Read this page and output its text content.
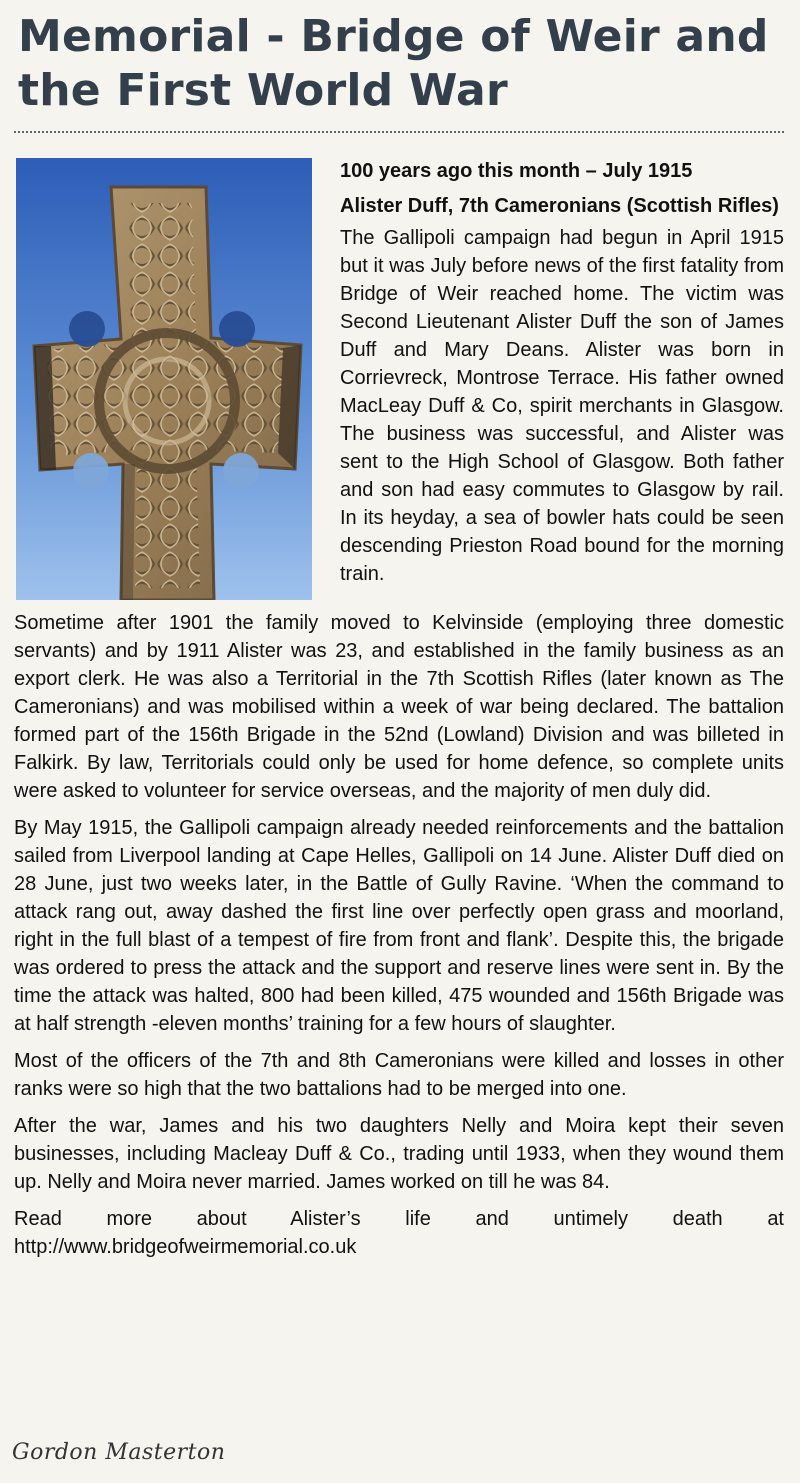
Memorial - Bridge of Weir and
the First World War
100 years ago this month – July 1915
Alister Duff, 7th Cameronians (Scottish Rifles)

The Gallipoli campaign had begun in April 1915 but it was July before news of the first fatality from Bridge of Weir reached home. The victim was Second Lieutenant Alister Duff the son of James Duff and Mary Deans. Alister was born in Corrievreck, Montrose Terrace. His father owned MacLeay Duff & Co, spirit merchants in Glasgow. The business was successful, and Alister was sent to the High School of Glasgow. Both father and son had easy commutes to Glasgow by rail. In its heyday, a sea of bowler hats could be seen descending Prieston Road bound for the morning train.

Sometime after 1901 the family moved to Kelvinside (employing three domestic servants) and by 1911 Alister was 23, and established in the family business as an export clerk. He was also a Territorial in the 7th Scottish Rifles (later known as The Cameronians) and was mobilised within a week of war being declared. The battalion formed part of the 156th Brigade in the 52nd (Lowland) Division and was billeted in Falkirk. By law, Territorials could only be used for home defence, so complete units were asked to volunteer for service overseas, and the majority of men duly did.

By May 1915, the Gallipoli campaign already needed reinforcements and the battalion sailed from Liverpool landing at Cape Helles, Gallipoli on 14 June. Alister Duff died on 28 June, just two weeks later, in the Battle of Gully Ravine. ‘When the command to attack rang out, away dashed the first line over perfectly open grass and moorland, right in the full blast of a tempest of fire from front and flank’. Despite this, the brigade was ordered to press the attack and the support and reserve lines were sent in. By the time the attack was halted, 800 had been killed, 475 wounded and 156th Brigade was at half strength -eleven months’ training for a few hours of slaughter.

Most of the officers of the 7th and 8th Cameronians were killed and losses in other ranks were so high that the two battalions had to be merged into one.

After the war, James and his two daughters Nelly and Moira kept their seven businesses, including Macleay Duff & Co., trading until 1933, when they wound them up. Nelly and Moira never married. James worked on till he was 84.

Read more about Alister’s life and untimely death at http://www.bridgeofweirmemorial.co.uk

Gordon Masterton
